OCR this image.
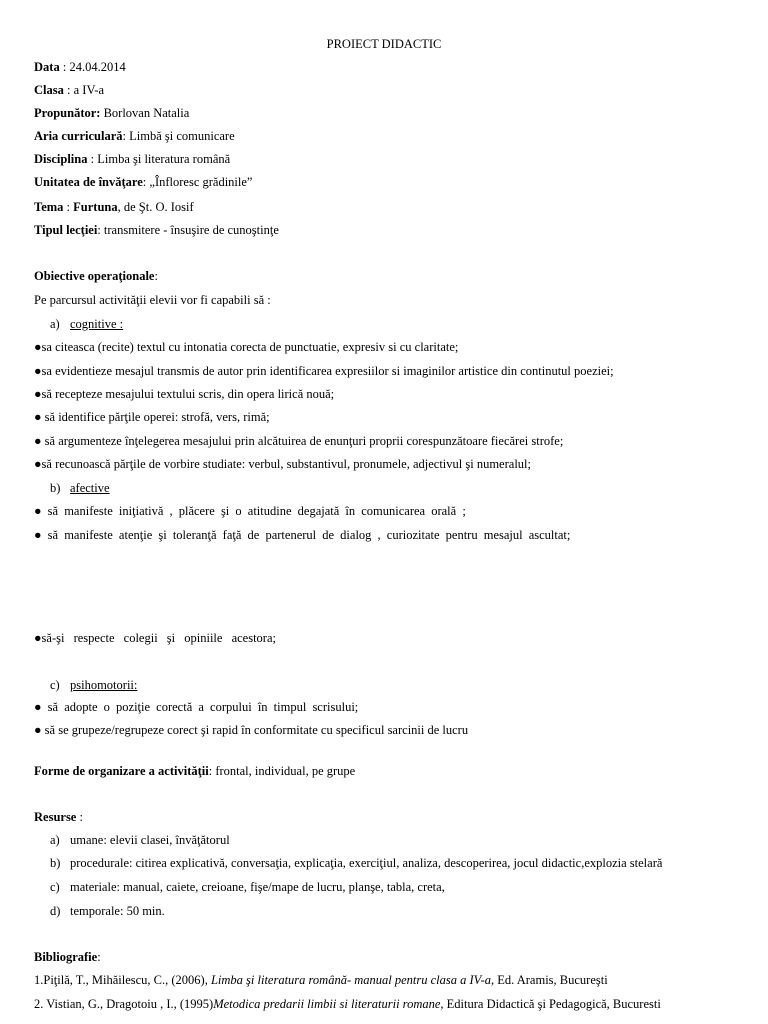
PROIECT DIDACTIC
Data : 24.04.2014
Clasa : a IV-a
Propunător: Borlovan Natalia
Aria curriculară: Limbă şi comunicare
Disciplina : Limba şi literatura română
Unitatea de învăţare: „Înfloresc grădinile”
Tema : Furtuna, de Şt. O. Iosif
Tipul lecţiei: transmitere - însuşire de cunoştinţe
Obiective operaţionale:
Pe parcursul activităţii elevii vor fi capabili să :
a) cognitive :
●sa citeasca (recite) textul cu intonatia corecta de punctuatie, expresiv si cu claritate;
●sa evidentieze mesajul transmis de autor prin identificarea expresiilor si imaginilor artistice din continutul poeziei;
●să recepteze mesajului textului scris, din opera lirică nouă;
● să identifice părţile operei: strofă, vers, rimă;
● să argumenteze înţelegerea mesajului prin alcătuirea de enunţuri proprii corespunzătoare fiecărei strofe;
●să recunoască părţile de vorbire studiate: verbul, substantivul, pronumele, adjectivul şi numeralul;
b) afective
● să manifeste iniţiativă , plăcere şi o atitudine degajată în comunicarea orală ;
● să manifeste atenţie şi toleranţă faţă de partenerul de dialog , curiozitate pentru mesajul ascultat;
●să-şi respecte colegii şi opiniile acestora;
c) psihomotorii:
● să adopte o poziţie corectă a corpului în timpul scrisului;
● să se grupeze/regrupeze corect şi rapid în conformitate cu specificul sarcinii de lucru
Forme de organizare a activităţii: frontal, individual, pe grupe
Resurse :
a) umane: elevii clasei, învăţătorul
b) procedurale: citirea explicativă, conversaţia, explicaţia, exerciţiul, analiza, descoperirea, jocul didactic,explozia stelară
c) materiale: manual, caiete, creioane, fişe/mape de lucru, planşe, tabla, creta,
d) temporale: 50 min.
Bibliografie:
1.Piţilă, T., Mihăilescu, C., (2006), Limba şi literatura română- manual pentru clasa a IV-a, Ed. Aramis, Bucureşti
2. Vistian, G., Dragotoiu , I., (1995)Metodica predarii limbii si literaturii romane, Editura Didactică şi Pedagogică, Bucuresti
